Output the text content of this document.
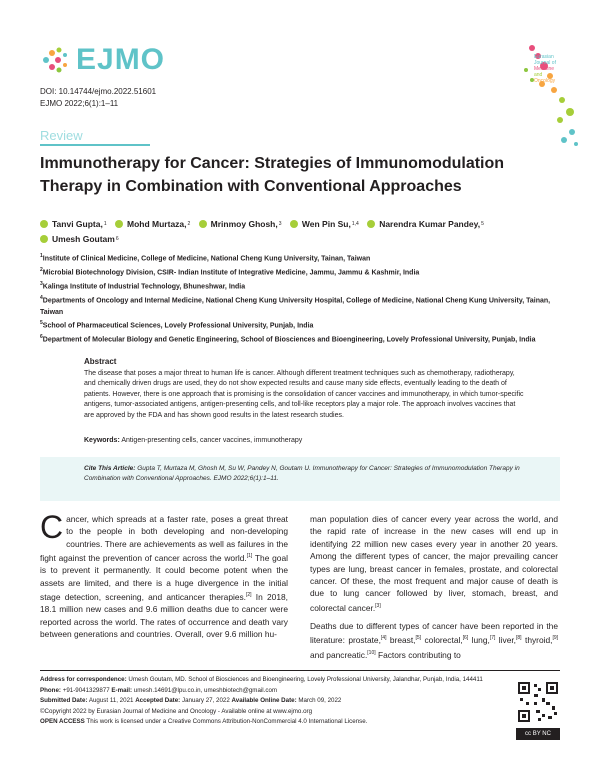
EJMO
DOI: 10.14744/ejmo.2022.51601
EJMO 2022;6(1):1–11
Eurasian
Journal of
Medicine
and
Oncology
Review
Immunotherapy for Cancer: Strategies of Immunomodulation Therapy in Combination with Conventional Approaches
Tanvi Gupta, 1
Mohd Murtaza, 2
Mrinmoy Ghosh, 3
Wen Pin Su, 1,4
Narendra Kumar Pandey, 5

Umesh Goutam 6
$^1$Institute of Clinical Medicine, College of Medicine, National Cheng Kung University, Tainan, Taiwan
$^2$Microbial Biotechnology Division, CSIR- Indian Institute of Integrative Medicine, Jammu, Jammu & Kashmir, India
$^3$Kalinga Institute of Industrial Technology, Bhuneshwar, India
$^4$Departments of Oncology and Internal Medicine, National Cheng Kung University Hospital, College of Medicine, National Cheng Kung University, Tainan, Taiwan
$^5$School of Pharmaceutical Sciences, Lovely Professional University, Punjab, India
$^6$Department of Molecular Biology and Genetic Engineering, School of Biosciences and Bioengineering, Lovely Professional University, Punjab, India
Abstract
The disease that poses a major threat to human life is cancer. Although different treatment techniques such as chemotherapy, radiotherapy, and chemically driven drugs are used, they do not show expected results and cause many side effects, eventually leading to the death of patients. However, there is one approach that is promising is the consolidation of cancer vaccines and immunotherapy, in which tumor-specific antigens, tumor-associated antigens, antigen-presenting cells, and toll-like receptors play a major role. The approach involves vaccines that are approved by the FDA and has shown good results in the latest research studies.
Keywords: Antigen-presenting cells, cancer vaccines, immunotherapy
Cite This Article: Gupta T, Murtaza M, Ghosh M, Su W, Pandey N, Goutam U. Immunotherapy for Cancer: Strategies of Immunomodulation Therapy in Combination with Conventional Approaches. EJMO 2022;6(1):1–11.

Cancer, which spreads at a faster rate, poses a great threat to the people in both developing and non-developing countries. There are achievements as well as failures in the fight against the prevention of cancer across the world.[1] The goal is to prevent it permanently. It could become potent when the assets are limited, and there is a huge divergence in the initial stage detection, screening, and anticancer therapies.[2] In 2018, 18.1 million new cases and 9.6 million deaths due to cancer were reported across the world. The rates of occurrence and death vary between generations and countries. Overall, over 9.6 million hu-

man population dies of cancer every year across the world, and the rapid rate of increase in the new cases will end up in identifying 22 million new cases every year in another 20 years. Among the different types of cancer, the major prevailing cancer types are lung, breast cancer in females, prostate, and colorectal cancer. Of these, the most frequent and major cause of death is due to lung cancer followed by liver, stomach, breast, and colorectal cancer.[3]

Deaths due to different types of cancer have been reported in the literature: prostate,[4] breast,[5] colorectal,[6] lung,[7] liver,[8] thyroid,[9] and pancreatic.[10] Factors contributing to

Address for correspondence: Umesh Goutam, MD. School of Biosciences and Bioengineering, Lovely Professional University, Jalandhar, Punjab, India, 144411
Phone: +91-9041329877 E-mail: umesh.14691@lpu.co.in, umeshbiotech@gmail.com
Submitted Date: August 11, 2021 Accepted Date: January 27, 2022 Available Online Date: March 09, 2022
©Copyright 2022 by Eurasian Journal of Medicine and Oncology - Available online at www.ejmo.org
OPEN ACCESS This work is licensed under a Creative Commons Attribution-NonCommercial 4.0 International License.
cc BY NC
